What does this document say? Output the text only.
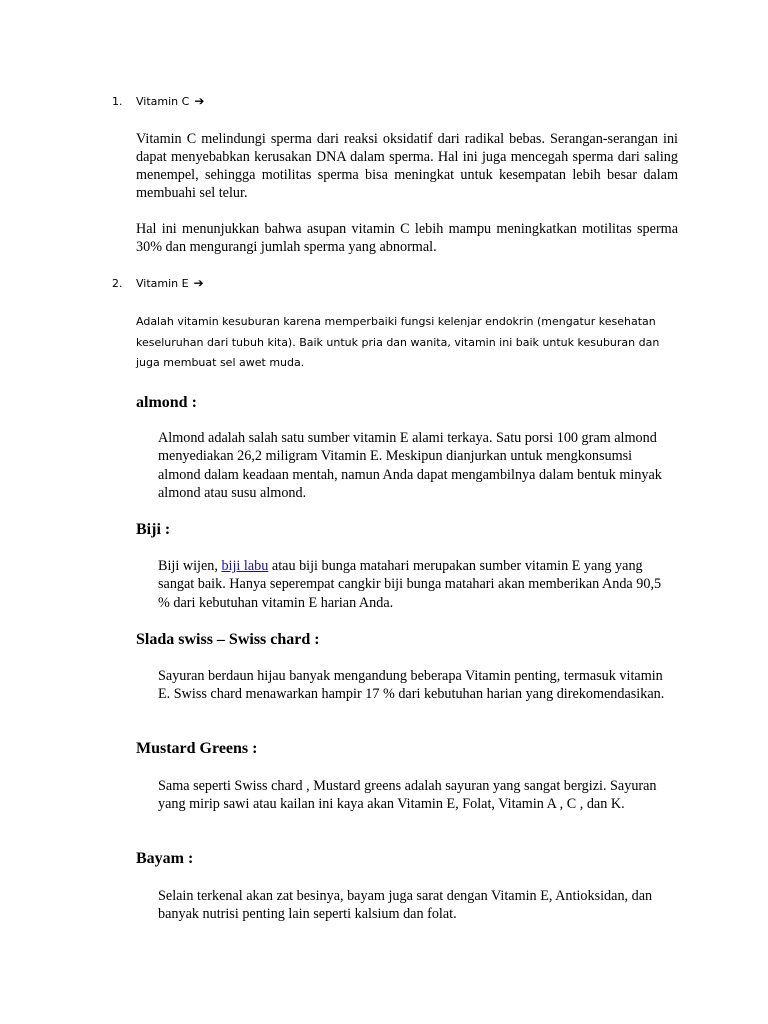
1.	Vitamin C ➔

Vitamin C melindungi sperma dari reaksi oksidatif dari radikal bebas. Serangan-serangan ini dapat menyebabkan kerusakan DNA dalam sperma. Hal ini juga mencegah sperma dari saling menempel, sehingga motilitas sperma bisa meningkat untuk kesempatan lebih besar dalam membuahi sel telur.

Hal ini menunjukkan bahwa asupan vitamin C lebih mampu meningkatkan motilitas sperma 30% dan mengurangi jumlah sperma yang abnormal.

2.	Vitamin E ➔

Adalah vitamin kesuburan karena memperbaiki fungsi kelenjar endokrin (mengatur kesehatan keseluruhan dari tubuh kita). Baik untuk pria dan wanita, vitamin ini baik untuk kesuburan dan juga membuat sel awet muda.

almond :

Almond adalah salah satu sumber vitamin E alami terkaya. Satu porsi 100 gram almond menyediakan 26,2 miligram Vitamin E. Meskipun dianjurkan untuk mengkonsumsi almond dalam keadaan mentah, namun Anda dapat mengambilnya dalam bentuk minyak almond atau susu almond.

Biji :

Biji wijen, biji labu atau biji bunga matahari merupakan sumber vitamin E yang yang sangat baik. Hanya seperempat cangkir biji bunga matahari akan memberikan Anda 90,5 % dari kebutuhan vitamin E harian Anda.

Slada swiss – Swiss chard :

Sayuran berdaun hijau banyak mengandung beberapa Vitamin penting, termasuk vitamin E. Swiss chard menawarkan hampir 17 % dari kebutuhan harian yang direkomendasikan.

Mustard Greens :

Sama seperti Swiss chard , Mustard greens adalah sayuran yang sangat bergizi. Sayuran yang mirip sawi atau kailan ini kaya akan Vitamin E, Folat, Vitamin A , C , dan K.

Bayam :

Selain terkenal akan zat besinya, bayam juga sarat dengan Vitamin E, Antioksidan, dan banyak nutrisi penting lain seperti kalsium dan folat.
